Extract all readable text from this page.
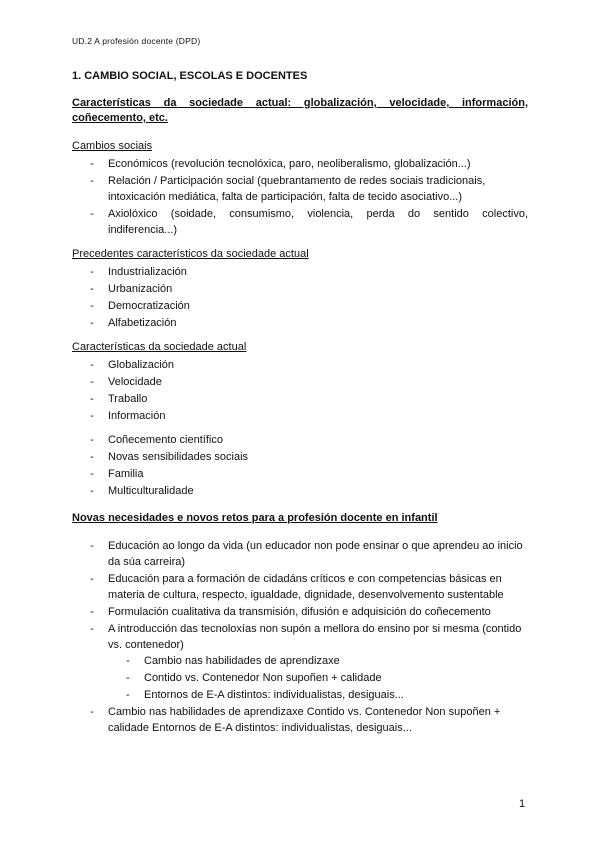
UD.2 A profesión docente (DPD)
1. CAMBIO SOCIAL, ESCOLAS E DOCENTES
Características da sociedade actual: globalización, velocidade, información, coñecemento, etc.
Cambios sociais
- Económicos (revolución tecnolóxica, paro, neoliberalismo, globalización...)
- Relación / Participación social (quebrantamento de redes sociais tradicionais, intoxicación mediática, falta de participación, falta de tecido asociativo...)
- Axiolóxico (soidade, consumismo, violencia, perda do sentido colectivo, indiferencia...)
Precedentes característicos da sociedade actual
- Industrialización
- Urbanización
- Democratización
- Alfabetización
Características da sociedade actual
- Globalización
- Velocidade
- Traballo
- Información
- Coñecemento científico
- Novas sensibilidades sociais
- Familia
- Multiculturalidade
Novas necesidades e novos retos para a profesión docente en infantil
- Educación ao longo da vida (un educador non pode ensinar o que aprendeu ao inicio da súa carreira)
- Educación para a formación de cidadáns críticos e con competencias básicas en materia de cultura, respecto, igualdade, dignidade, desenvolvemento sustentable
- Formulación cualitativa da transmisión, difusión e adquisición do coñecemento
- A introducción das tecnoloxías non supón a mellora do ensino por si mesma (contido vs. contenedor)
- Cambio nas habilidades de aprendizaxe
- Contido vs. Contenedor Non supoñen + calidade
- Entornos de E-A distintos: individualistas, desiguais...
- Cambio nas habilidades de aprendizaxe Contido vs. Contenedor Non supoñen + calidade Entornos de E-A distintos: individualistas, desiguais...
1
